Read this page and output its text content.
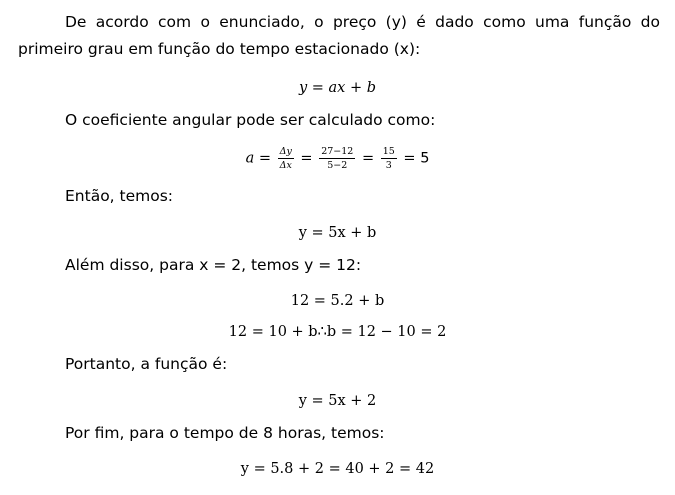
De acordo com o enunciado, o preço (y) é dado como uma função do primeiro grau em função do tempo estacionado (x):
y = ax + b
O coeficiente angular pode ser calculado como:
$a = \frac{\Delta y}{\Delta x} = \frac{27-12}{5-2} = \frac{15}{3} = 5$
Então, temos:
y = 5x + b
Além disso, para x = 2, temos y = 12:
12 = 5.2 + b
12 = 10 + b∴b = 12 − 10 = 2
Portanto, a função é:
y = 5x + 2
Por fim, para o tempo de 8 horas, temos:
y = 5.8 + 2 = 40 + 2 = 42
